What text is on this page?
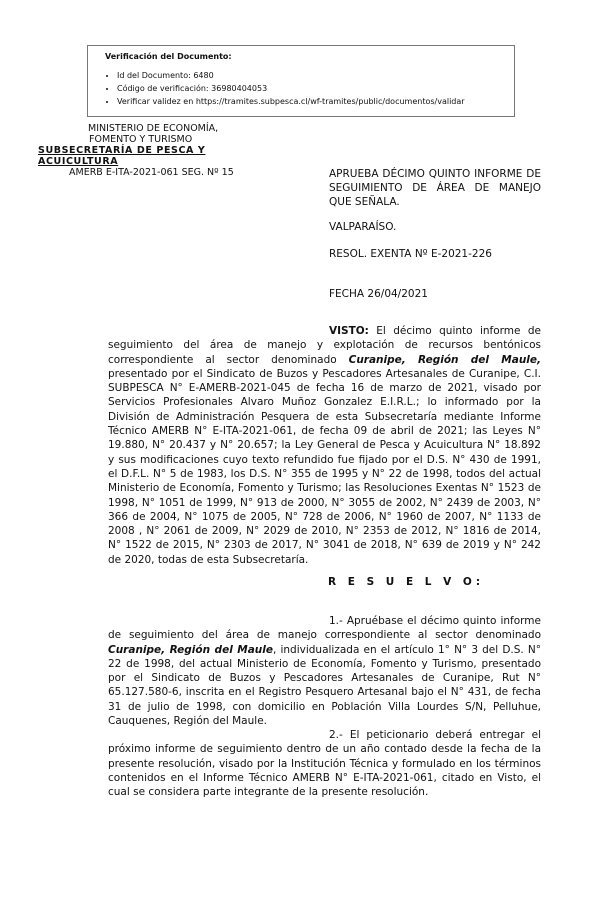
Verificación del Documento:
• Id del Documento: 6480
• Código de verificación: 36980404053
• Verificar validez en https://tramites.subpesca.cl/wf-tramites/public/documentos/validar
MINISTERIO DE ECONOMÍA,
FOMENTO Y TURISMO
SUBSECRETARÍA DE PESCA Y ACUICULTURA
AMERB E-ITA-2021-061 SEG. Nº 15	APRUEBA DÉCIMO QUINTO INFORME DE SEGUIMIENTO DE ÁREA DE MANEJO QUE SEÑALA.
VALPARAÍSO.
RESOL. EXENTA Nº E-2021-226
FECHA 26/04/2021

VISTO: El décimo quinto informe de seguimiento del área de manejo y explotación de recursos bentónicos correspondiente al sector denominado Curanipe, Región del Maule, presentado por el Sindicato de Buzos y Pescadores Artesanales de Curanipe, C.I. SUBPESCA N° E-AMERB-2021-045 de fecha 16 de marzo de 2021, visado por Servicios Profesionales Alvaro Muñoz Gonzalez E.I.R.L.; lo informado por la División de Administración Pesquera de esta Subsecretaría mediante Informe Técnico AMERB N° E-ITA-2021-061, de fecha 09 de abril de 2021; las Leyes N° 19.880, N° 20.437 y N° 20.657; la Ley General de Pesca y Acuicultura N° 18.892 y sus modificaciones cuyo texto refundido fue fijado por el D.S. N° 430 de 1991, el D.F.L. N° 5 de 1983, los D.S. N° 355 de 1995 y N° 22 de 1998, todos del actual Ministerio de Economía, Fomento y Turismo; las Resoluciones Exentas N° 1523 de 1998, N° 1051 de 1999, N° 913 de 2000, N° 3055 de 2002, N° 2439 de 2003, N° 366 de 2004, N° 1075 de 2005, N° 728 de 2006, N° 1960 de 2007, N° 1133 de 2008 , N° 2061 de 2009, N° 2029 de 2010, N° 2353 de 2012, N° 1816 de 2014, N° 1522 de 2015, N° 2303 de 2017, N° 3041 de 2018, N° 639 de 2019 y N° 242 de 2020, todas de esta Subsecretaría.

R E S U E L V O:

1.- Apruébase el décimo quinto informe de seguimiento del área de manejo correspondiente al sector denominado Curanipe, Región del Maule, individualizada en el artículo 1° N° 3 del D.S. N° 22 de 1998, del actual Ministerio de Economía, Fomento y Turismo, presentado por el Sindicato de Buzos y Pescadores Artesanales de Curanipe, Rut N° 65.127.580-6, inscrita en el Registro Pesquero Artesanal bajo el N° 431, de fecha 31 de julio de 1998, con domicilio en Población Villa Lourdes S/N, Pelluhue, Cauquenes, Región del Maule.

2.- El peticionario deberá entregar el próximo informe de seguimiento dentro de un año contado desde la fecha de la presente resolución, visado por la Institución Técnica y formulado en los términos contenidos en el Informe Técnico AMERB N° E-ITA-2021-061, citado en Visto, el cual se considera parte integrante de la presente resolución.
